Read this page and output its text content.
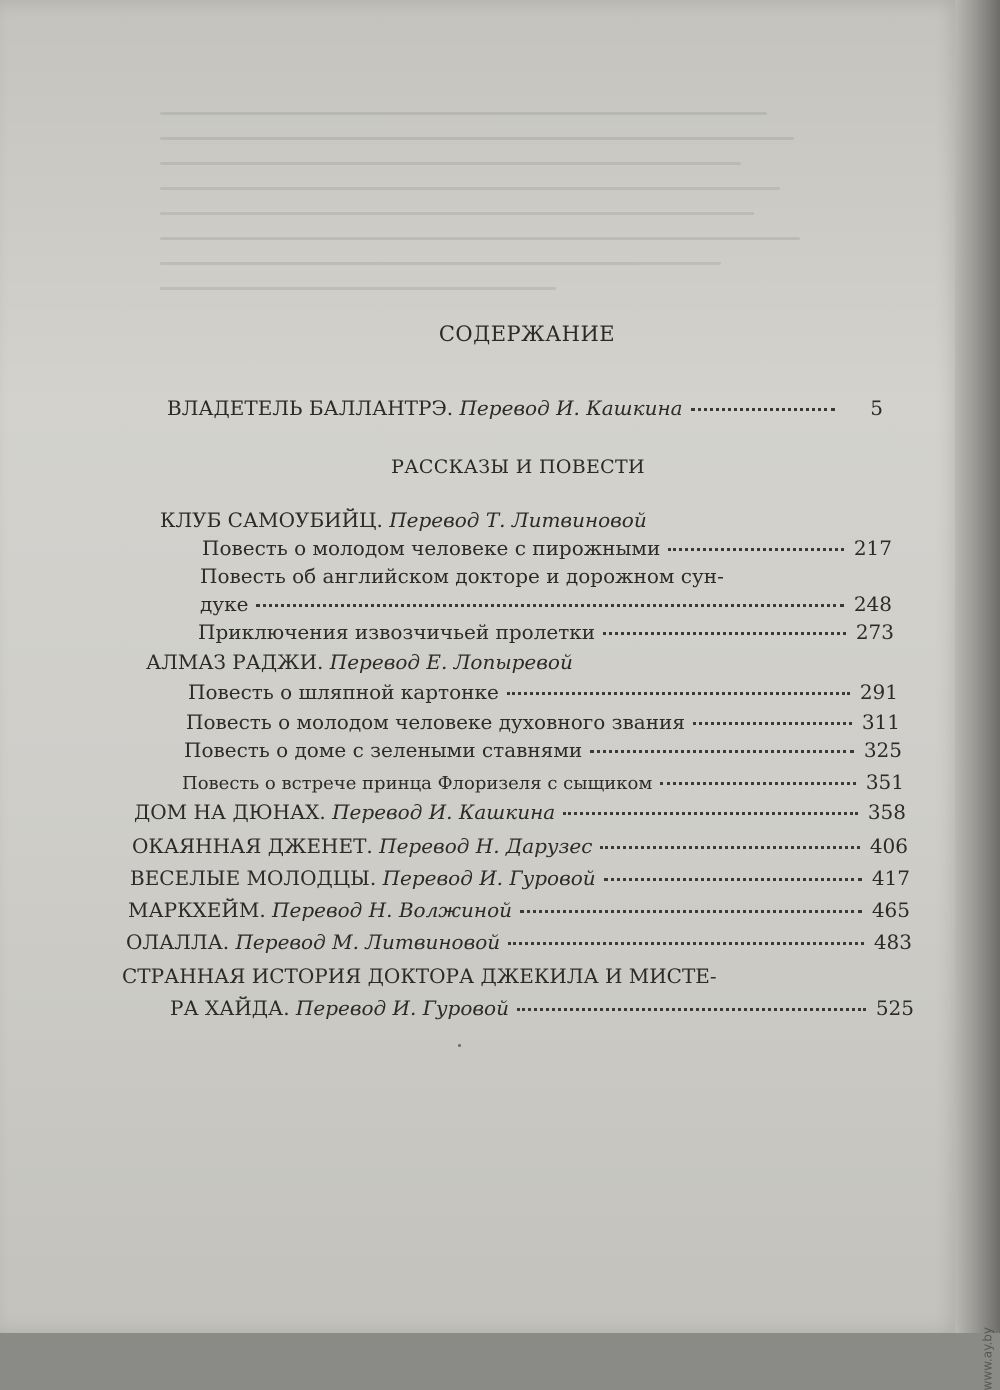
СОДЕРЖАНИЕ
ВЛАДЕТЕЛЬ БАЛЛАНТРЭ. Перевод И. Кашкина	5
РАССКАЗЫ И ПОВЕСТИ
КЛУБ САМОУБИЙЦ. Перевод Т. Литвиновой
Повесть о молодом человеке с пирожными	217
Повесть об английском докторе и дорожном сун-
дуке	248
Приключения извозчичьей пролетки	273
АЛМАЗ РАДЖИ. Перевод Е. Лопыревой
Повесть о шляпной картонке	291
Повесть о молодом человеке духовного звания	311
Повесть о доме с зелеными ставнями	325
Повесть о встрече принца Флоризеля с сыщиком	351
ДОМ НА ДЮНАХ. Перевод И. Кашкина	358
ОКАЯННАЯ ДЖЕНЕТ. Перевод Н. Дарузес	406
ВЕСЕЛЫЕ МОЛОДЦЫ. Перевод И. Гуровой	417
МАРКХЕЙМ. Перевод Н. Волжиной	465
ОЛАЛЛА. Перевод М. Литвиновой	483
СТРАННАЯ ИСТОРИЯ ДОКТОРА ДЖЕКИЛА И МИСТЕ-
РА ХАЙДА. Перевод И. Гуровой	525
www.ay.by
